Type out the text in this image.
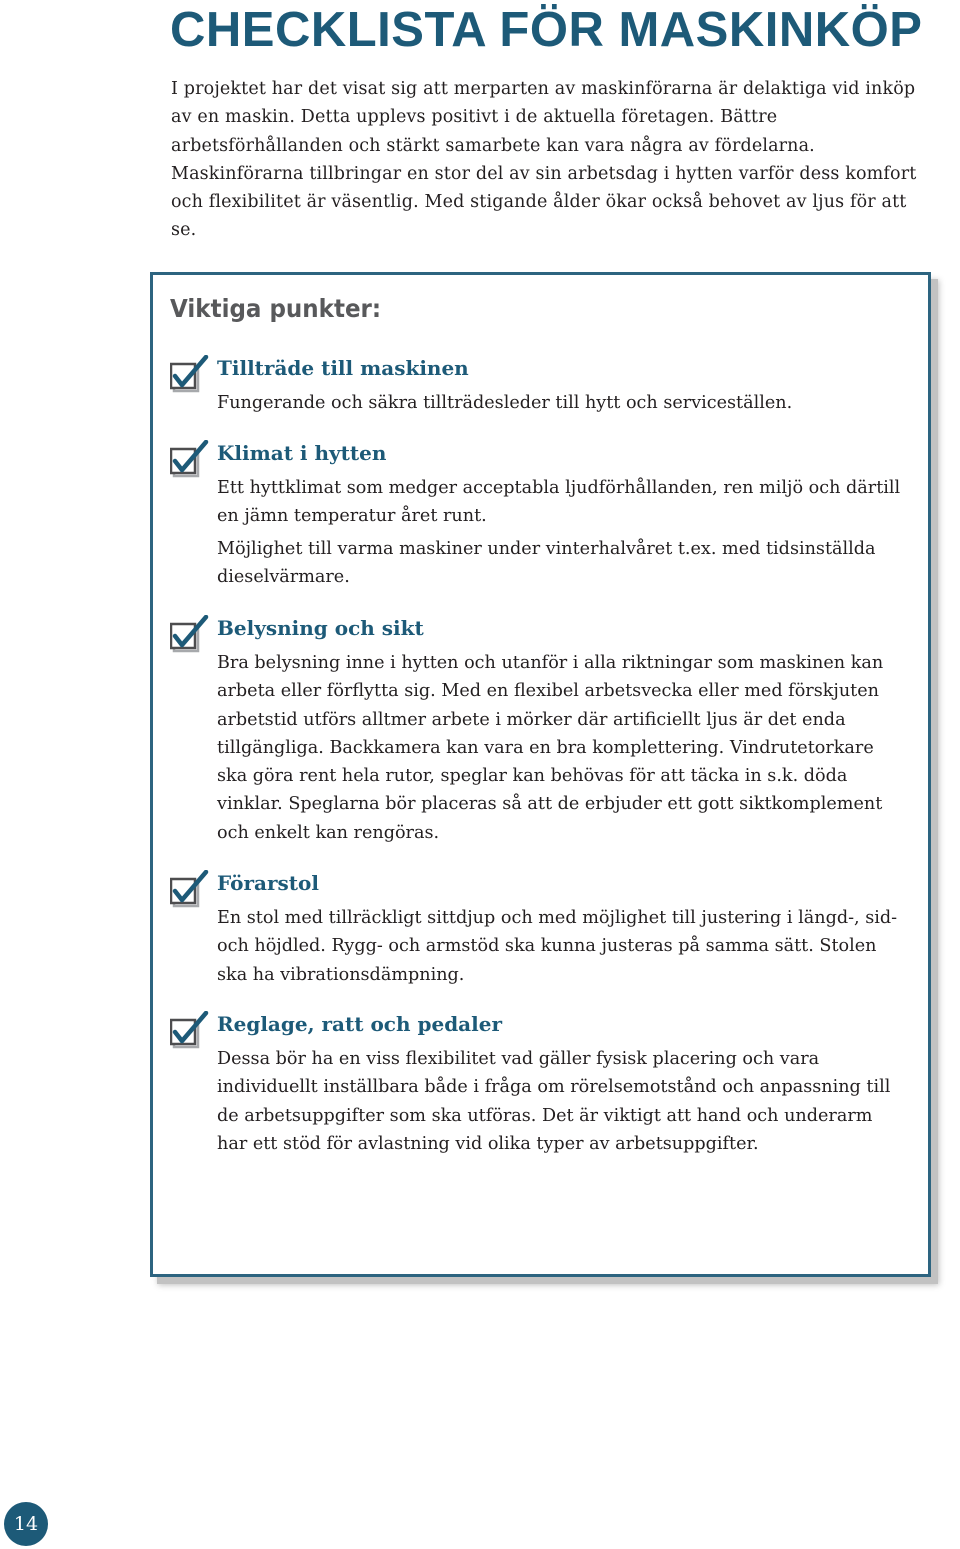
CHECKLISTA FÖR MASKINKÖP

I projektet har det visat sig att merparten av maskinförarna är delaktiga vid inköp av en maskin. Detta upplevs positivt i de aktuella företagen. Bättre arbetsförhållanden och stärkt samarbete kan vara några av fördelarna. Maskinförarna tillbringar en stor del av sin arbetsdag i hytten varför dess komfort och flexibilitet är väsentlig. Med stigande ålder ökar också behovet av ljus för att se.

Viktiga punkter:
Tillträde till maskinen

Fungerande och säkra tillträdesleder till hytt och serviceställen.

Klimat i hytten

Ett hyttklimat som medger acceptabla ljudförhållanden, ren miljö och därtill en jämn temperatur året runt.

Möjlighet till varma maskiner under vinterhalvåret t.ex. med tidsinställda dieselvärmare.

Belysning och sikt

Bra belysning inne i hytten och utanför i alla riktningar som maskinen kan arbeta eller förflytta sig. Med en flexibel arbetsvecka eller med förskjuten arbetstid utförs alltmer arbete i mörker där artificiellt ljus är det enda tillgängliga. Backkamera kan vara en bra komplettering. Vindrutetorkare ska göra rent hela rutor, speglar kan behövas för att täcka in s.k. döda vinklar. Speglarna bör placeras så att de erbjuder ett gott siktkomplement och enkelt kan rengöras.

Förarstol

En stol med tillräckligt sittdjup och med möjlighet till justering i längd-, sid- och höjdled. Rygg- och armstöd ska kunna justeras på samma sätt. Stolen ska ha vibrationsdämpning.

Reglage, ratt och pedaler

Dessa bör ha en viss flexibilitet vad gäller fysisk placering och vara individuellt inställbara både i fråga om rörelsemotstånd och anpassning till de arbetsuppgifter som ska utföras. Det är viktigt att hand och underarm har ett stöd för avlastning vid olika typer av arbetsuppgifter.

14
